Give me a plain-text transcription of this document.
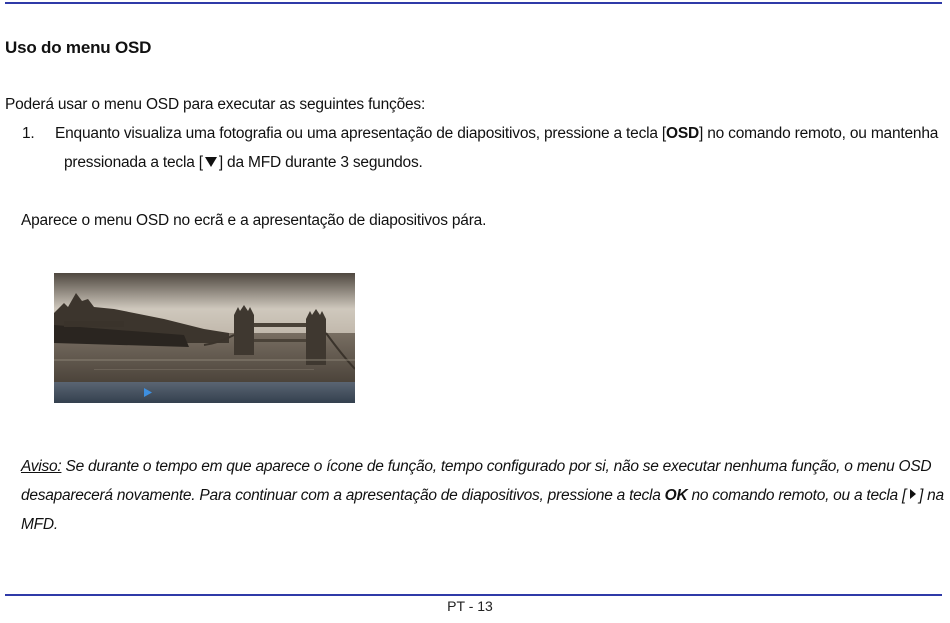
Uso do menu OSD
Poderá usar o menu OSD para executar as seguintes funções:
1. Enquanto visualiza uma fotografia ou uma apresentação de diapositivos, pressione a tecla [OSD] no comando remoto, ou mantenha
pressionada a tecla [ ] da MFD durante 3 segundos.
Aparece o menu OSD no ecrã e a apresentação de diapositivos pára.
Aviso: Se durante o tempo em que aparece o ícone de função, tempo configurado por si, não se executar nenhuma função, o menu OSD
desaparecerá novamente. Para continuar com a apresentação de diapositivos, pressione a tecla OK no comando remoto, ou a tecla [ ] na
MFD.
PT - 13
